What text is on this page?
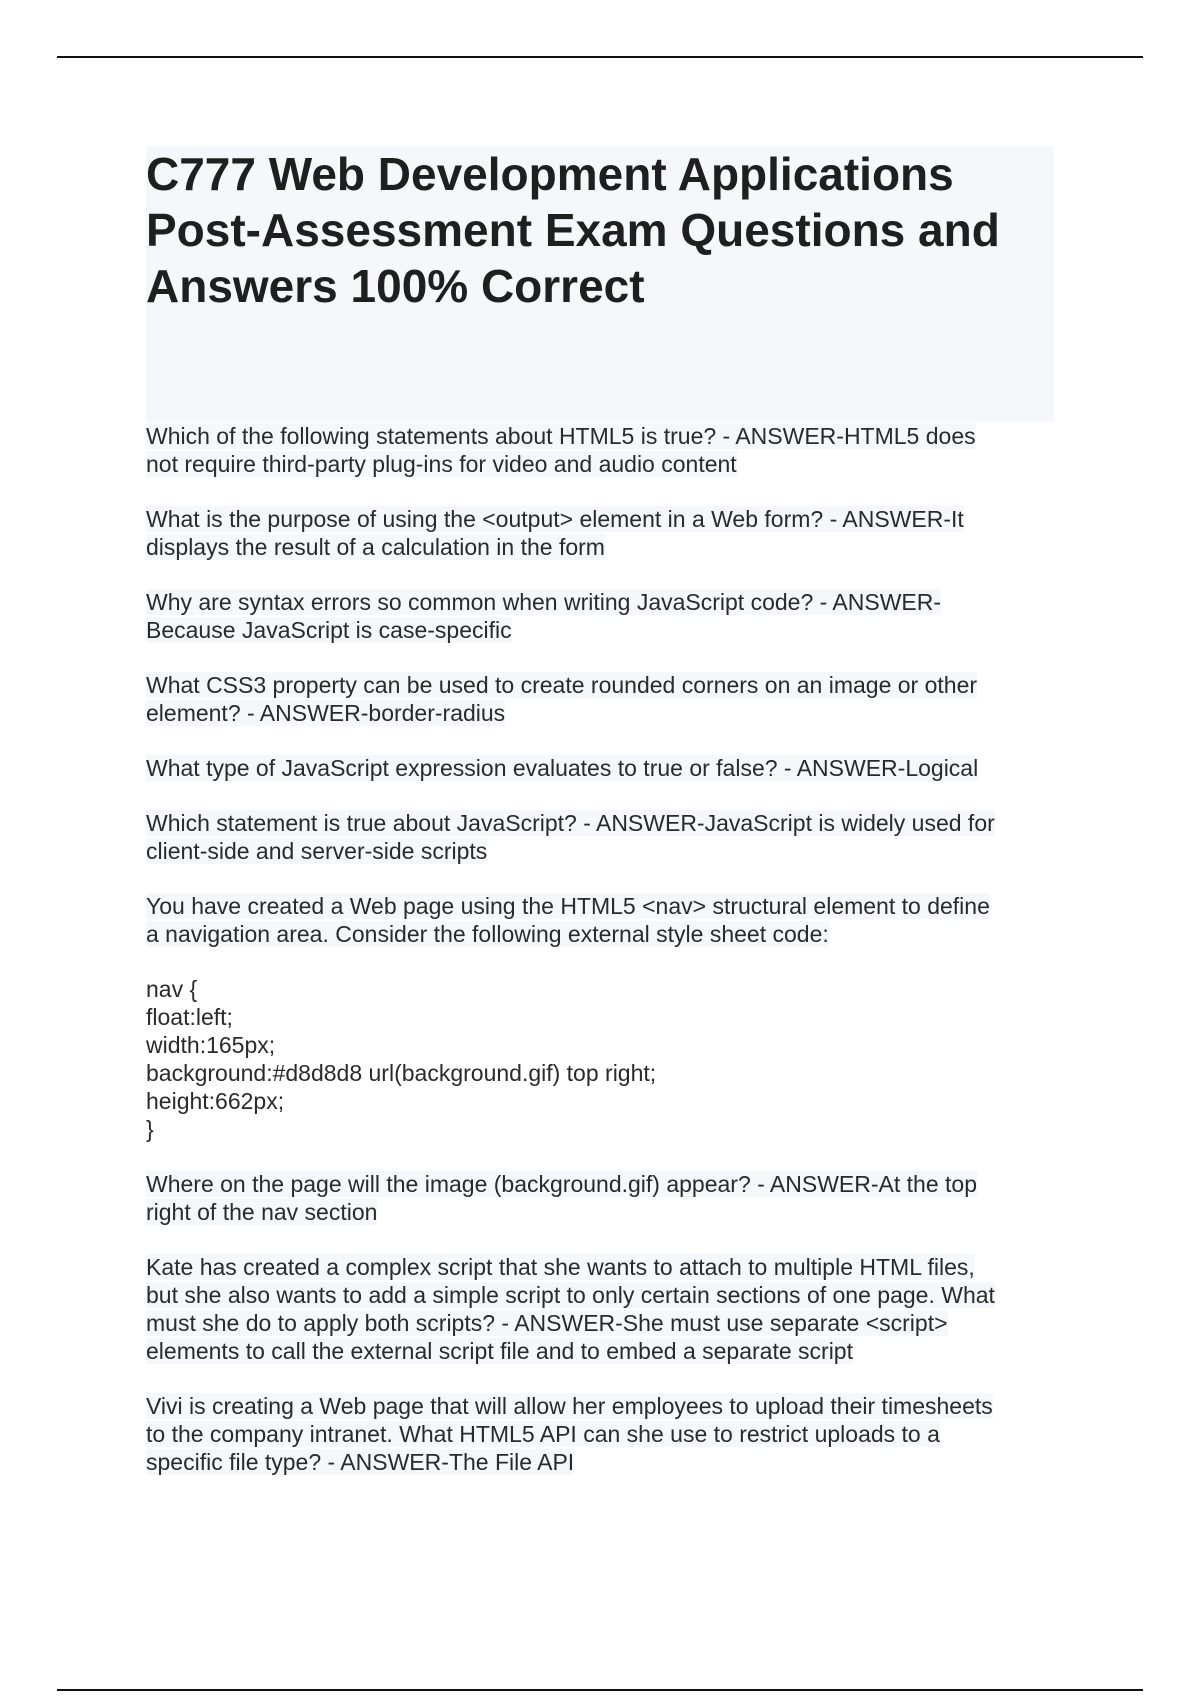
C777 Web Development Applications Post-Assessment Exam Questions and Answers 100% Correct

Which of the following statements about HTML5 is true? - ANSWER-HTML5 does
not require third-party plug-ins for video and audio content

What is the purpose of using the <output> element in a Web form? - ANSWER-It
displays the result of a calculation in the form

Why are syntax errors so common when writing JavaScript code? - ANSWER-
Because JavaScript is case-specific

What CSS3 property can be used to create rounded corners on an image or other
element? - ANSWER-border-radius

What type of JavaScript expression evaluates to true or false? - ANSWER-Logical

Which statement is true about JavaScript? - ANSWER-JavaScript is widely used for
client-side and server-side scripts

You have created a Web page using the HTML5 <nav> structural element to define
a navigation area. Consider the following external style sheet code:

nav {
float:left;
width:165px;
background:#d8d8d8 url(background.gif) top right;
height:662px;
}

Where on the page will the image (background.gif) appear? - ANSWER-At the top
right of the nav section

Kate has created a complex script that she wants to attach to multiple HTML files,
but she also wants to add a simple script to only certain sections of one page. What
must she do to apply both scripts? - ANSWER-She must use separate <script>
elements to call the external script file and to embed a separate script

Vivi is creating a Web page that will allow her employees to upload their timesheets
to the company intranet. What HTML5 API can she use to restrict uploads to a
specific file type? - ANSWER-The File API
